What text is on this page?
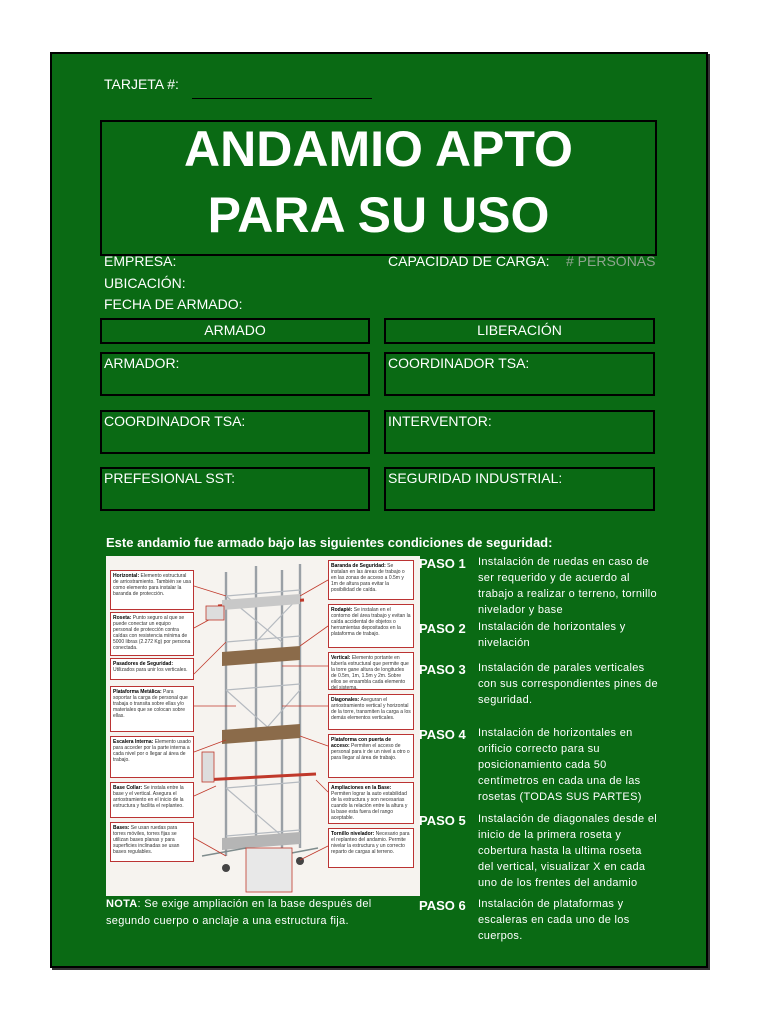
TARJETA #:
ANDAMIO APTO
PARA SU USO
EMPRESA:	CAPACIDAD DE CARGA: # PERSONAS
UBICACIÓN:
FECHA DE ARMADO:
ARMADO	LIBERACIÓN
ARMADOR:	COORDINADOR TSA:
COORDINADOR TSA:	INTERVENTOR:
PREFESIONAL SST:	SEGURIDAD INDUSTRIAL:
Este andamio fue armado bajo las siguientes condiciones de seguridad:
Horizontal: Elemento estructural de arriostramiento. También se usa como elemento para instalar la baranda de protección.
Roseta: Punto seguro al que se puede conectar un equipo personal de protección contra caídas con resistencia mínima de 5000 libras (2.272 Kg) por persona conectada.
Pasadores de Seguridad: Utilizados para unir los verticales.
Plataforma Metálica: Para soportar la carga de personal que trabaja o transita sobre ellas y/o materiales que se colocan sobre ellas.
Escalera Interna: Elemento usado para acceder por la parte interna a cada nivel por o llegar al área de trabajo.
Base Collar: Se instala entre la base y el vertical. Asegura el arriostramiento en el inicio de la estructura y facilita el replanteo.
Bases: Se usan ruedas para torres móviles, torres fijas se utilizan bases planas y para superficies inclinadas se usan bases regulables.
Baranda de Seguridad: Se instalan en las áreas de trabajo o en las zonas de acceso a 0.5m y 1m de altura para evitar la posibilidad de caída.
Rodapié: Se instalan en el contorno del área trabajo y evitan la caída accidental de objetos o herramientas depositados en la plataforma de trabajo.
Vertical: Elemento portante en tubería estructural que permite que la torre gane altura de longitudes de 0.5m, 1m, 1.5m y 2m. Sobre ellos se ensambla cada elemento del sistema.
Diagonales: Aseguran el arriostramiento vertical y horizontal de la torre, transmiten la carga a los demás elementos verticales.
Plataforma con puerta de acceso: Permiten el acceso de personal para ir de un nivel a otro o para llegar al área de trabajo.
Ampliaciones en la Base: Permiten lograr la auto estabilidad de la estructura y son necesarias cuando la relación entre la altura y la base esta fuera del rango aceptable.
Tornillo nivelador: Necesario para el replanteo del andamio. Permite nivelar la estructura y un correcto reparto de cargas al terreno.
PASO 1 Instalación de ruedas en caso de ser requerido y de acuerdo al trabajo a realizar o terreno, tornillo nivelador y base
PASO 2 Instalación de horizontales y nivelación
PASO 3 Instalación de parales verticales con sus correspondientes pines de seguridad.
PASO 4 Instalación de horizontales en orificio correcto para su posicionamiento cada 50 centímetros en cada una de las rosetas (TODAS SUS PARTES)
PASO 5 Instalación de diagonales desde el inicio de la primera roseta y cobertura hasta la ultima roseta del vertical, visualizar X en cada uno de los frentes del andamio
PASO 6 Instalación de plataformas y escaleras en cada uno de los cuerpos.
NOTA: Se exige ampliación en la base después del segundo cuerpo o anclaje a una estructura fija.
